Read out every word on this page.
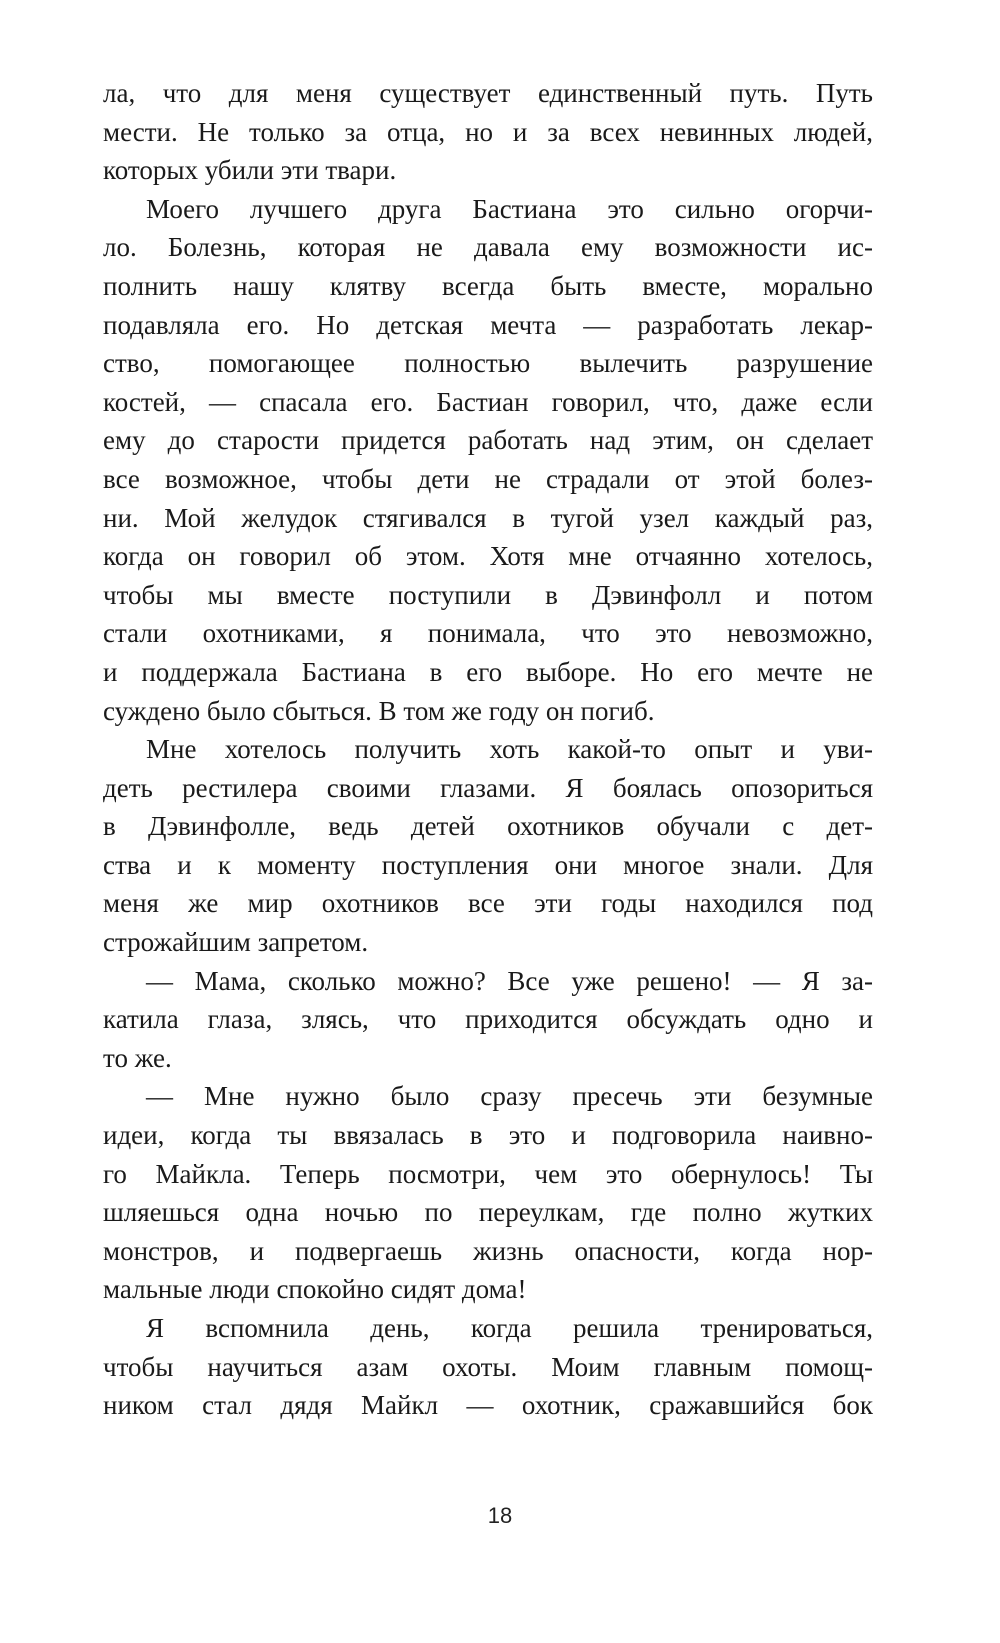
ла, что для меня существует единственный путь. Путь
мести. Не только за отца, но и за всех невинных людей,
которых убили эти твари.
Моего лучшего друга Бастиана это сильно огорчи-
ло. Болезнь, которая не давала ему возможности ис-
полнить нашу клятву всегда быть вместе, морально
подавляла его. Но детская мечта — разработать лекар-
ство, помогающее полностью вылечить разрушение
костей, — спасала его. Бастиан говорил, что, даже если
ему до старости придется работать над этим, он сделает
все возможное, чтобы дети не страдали от этой болез-
ни. Мой желудок стягивался в тугой узел каждый раз,
когда он говорил об этом. Хотя мне отчаянно хотелось,
чтобы мы вместе поступили в Дэвинфолл и потом
стали охотниками, я понимала, что это невозможно,
и поддержала Бастиана в его выборе. Но его мечте не
суждено было сбыться. В том же году он погиб.
Мне хотелось получить хоть какой-то опыт и уви-
деть рестилера своими глазами. Я боялась опозориться
в Дэвинфолле, ведь детей охотников обучали с дет-
ства и к моменту поступления они многое знали. Для
меня же мир охотников все эти годы находился под
строжайшим запретом.
— Мама, сколько можно? Все уже решено! — Я за-
катила глаза, злясь, что приходится обсуждать одно и
то же.
— Мне нужно было сразу пресечь эти безумные
идеи, когда ты ввязалась в это и подговорила наивно-
го Майкла. Теперь посмотри, чем это обернулось! Ты
шляешься одна ночью по переулкам, где полно жутких
монстров, и подвергаешь жизнь опасности, когда нор-
мальные люди спокойно сидят дома!
Я вспомнила день, когда решила тренироваться,
чтобы научиться азам охоты. Моим главным помощ-
ником стал дядя Майкл — охотник, сражавшийся бок
18
